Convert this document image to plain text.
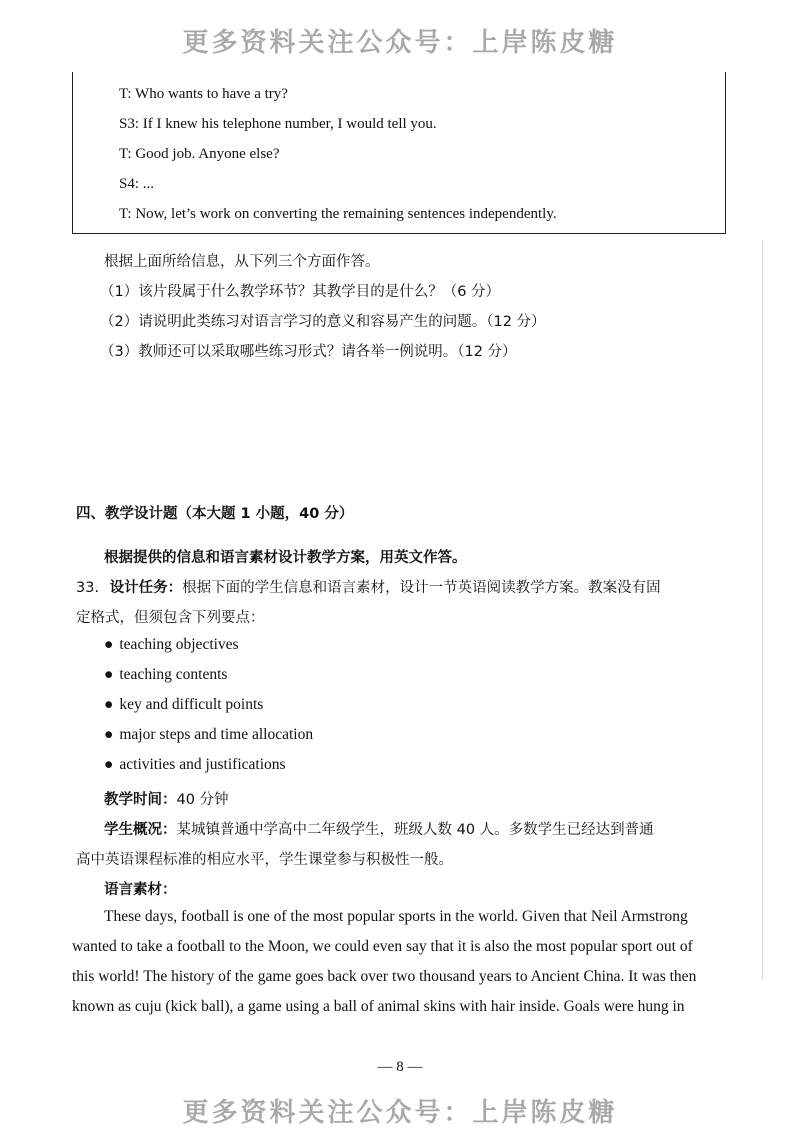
更多资料关注公众号：上岸陈皮糖
T: Who wants to have a try?
S3: If I knew his telephone number, I would tell you.
T: Good job. Anyone else?
S4: ...
T: Now, let’s work on converting the remaining sentences independently.
根据上面所给信息，从下列三个方面作答。
（1）该片段属于什么教学环节？其教学目的是什么？（6 分）
（2）请说明此类练习对语言学习的意义和容易产生的问题。（12 分）
（3）教师还可以采取哪些练习形式？请各举一例说明。（12 分）
四、教学设计题（本大题 1 小题，40 分）
根据提供的信息和语言素材设计教学方案，用英文作答。
33. 设计任务：根据下面的学生信息和语言素材，设计一节英语阅读教学方案。教案没有固
定格式，但须包含下列要点：
● teaching objectives
● teaching contents
● key and difficult points
● major steps and time allocation
● activities and justifications
教学时间：40 分钟
学生概况：某城镇普通中学高中二年级学生，班级人数 40 人。多数学生已经达到普通
高中英语课程标准的相应水平，学生课堂参与积极性一般。
语言素材：
These days, football is one of the most popular sports in the world. Given that Neil Armstrong
wanted to take a football to the Moon, we could even say that it is also the most popular sport out of
this world! The history of the game goes back over two thousand years to Ancient China. It was then
known as cuju (kick ball), a game using a ball of animal skins with hair inside. Goals were hung in
— 8 —
更多资料关注公众号：上岸陈皮糖
